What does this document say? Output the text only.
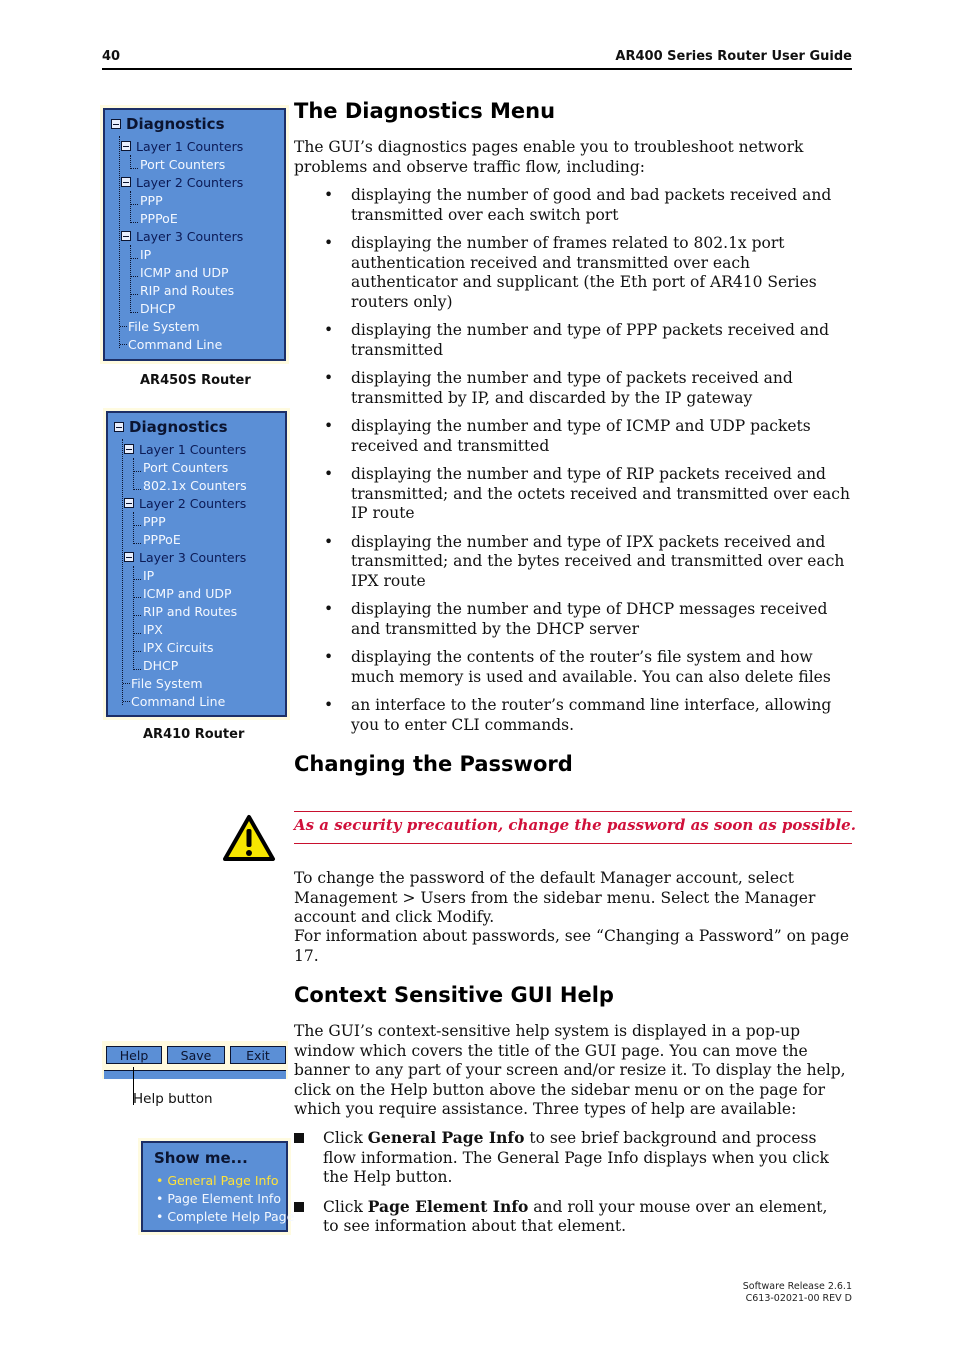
40	AR400 Series Router User Guide
Diagnostics
Layer 1 Counters
Port Counters
Layer 2 Counters
PPP
PPPoE
Layer 3 Counters
IP
ICMP and UDP
RIP and Routes
DHCP
File System
Command Line
AR450S Router
Diagnostics
Layer 1 Counters
Port Counters
802.1x Counters
Layer 2 Counters
PPP
PPPoE
Layer 3 Counters
IP
ICMP and UDP
RIP and Routes
IPX
IPX Circuits
DHCP
File System
Command Line
AR410 Router
The Diagnostics Menu
The GUI’s diagnostics pages enable you to troubleshoot network problems and observe traffic flow, including:
• displaying the number of good and bad packets received and transmitted over each switch port
• displaying the number of frames related to 802.1x port authentication received and transmitted over each authenticator and supplicant (the Eth port of AR410 Series routers only)
• displaying the number and type of PPP packets received and transmitted
• displaying the number and type of packets received and transmitted by IP, and discarded by the IP gateway
• displaying the number and type of ICMP and UDP packets received and transmitted
• displaying the number and type of RIP packets received and transmitted; and the octets received and transmitted over each IP route
• displaying the number and type of IPX packets received and transmitted; and the bytes received and transmitted over each IPX route
• displaying the number and type of DHCP messages received and transmitted by the DHCP server
• displaying the contents of the router’s file system and how much memory is used and available. You can also delete files
• an interface to the router’s command line interface, allowing you to enter CLI commands.
Changing the Password
As a security precaution, change the password as soon as possible.
To change the password of the default Manager account, select Management > Users from the sidebar menu. Select the Manager account and click Modify.
For information about passwords, see “Changing a Password” on page 17.
Context Sensitive GUI Help
The GUI’s context-sensitive help system is displayed in a pop-up window which covers the title of the GUI page. You can move the banner to any part of your screen and/or resize it. To display the help, click on the Help button above the sidebar menu or on the page for which you require assistance. Three types of help are available:
Click General Page Info to see brief background and process flow information. The General Page Info displays when you click the Help button.
Click Page Element Info and roll your mouse over an element, to see information about that element.
Help	Save	Exit
Help button
Show me...
• General Page Info
• Page Element Info
• Complete Help Page
Software Release 2.6.1
C613-02021-00 REV D
